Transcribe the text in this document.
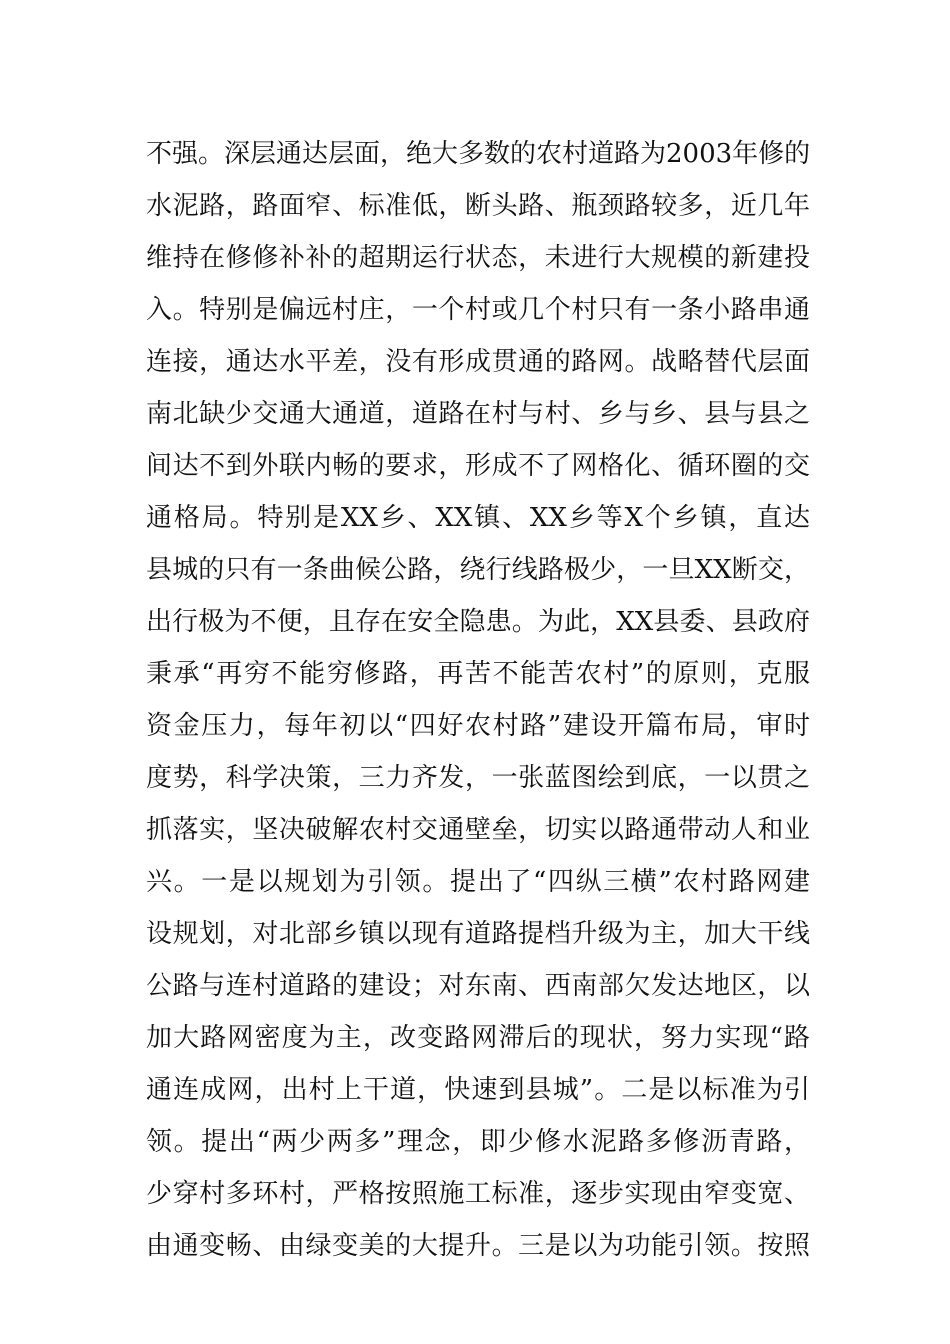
不强。深层通达层面，绝大多数的农村道路为2003年修的
水泥路，路面窄、标准低，断头路、瓶颈路较多，近几年
维持在修修补补的超期运行状态，未进行大规模的新建投
入。特别是偏远村庄，一个村或几个村只有一条小路串通
连接，通达水平差，没有形成贯通的路网。战略替代层面
南北缺少交通大通道，道路在村与村、乡与乡、县与县之
间达不到外联内畅的要求，形成不了网格化、循环圈的交
通格局。特别是XX乡、XX镇、XX乡等X个乡镇，直达
县城的只有一条曲候公路，绕行线路极少，一旦XX断交，
出行极为不便，且存在安全隐患。为此，XX县委、县政府
秉承“再穷不能穷修路，再苦不能苦农村”的原则，克服
资金压力，每年初以“四好农村路”建设开篇布局，审时
度势，科学决策，三力齐发，一张蓝图绘到底，一以贯之
抓落实，坚决破解农村交通壁垒，切实以路通带动人和业
兴。一是以规划为引领。提出了“四纵三横”农村路网建
设规划，对北部乡镇以现有道路提档升级为主，加大干线
公路与连村道路的建设；对东南、西南部欠发达地区，以
加大路网密度为主，改变路网滞后的现状，努力实现“路
通连成网，出村上干道，快速到县城”。二是以标准为引
领。提出“两少两多”理念，即少修水泥路多修沥青路，
少穿村多环村，严格按照施工标准，逐步实现由窄变宽、
由通变畅、由绿变美的大提升。三是以为功能引领。按照
